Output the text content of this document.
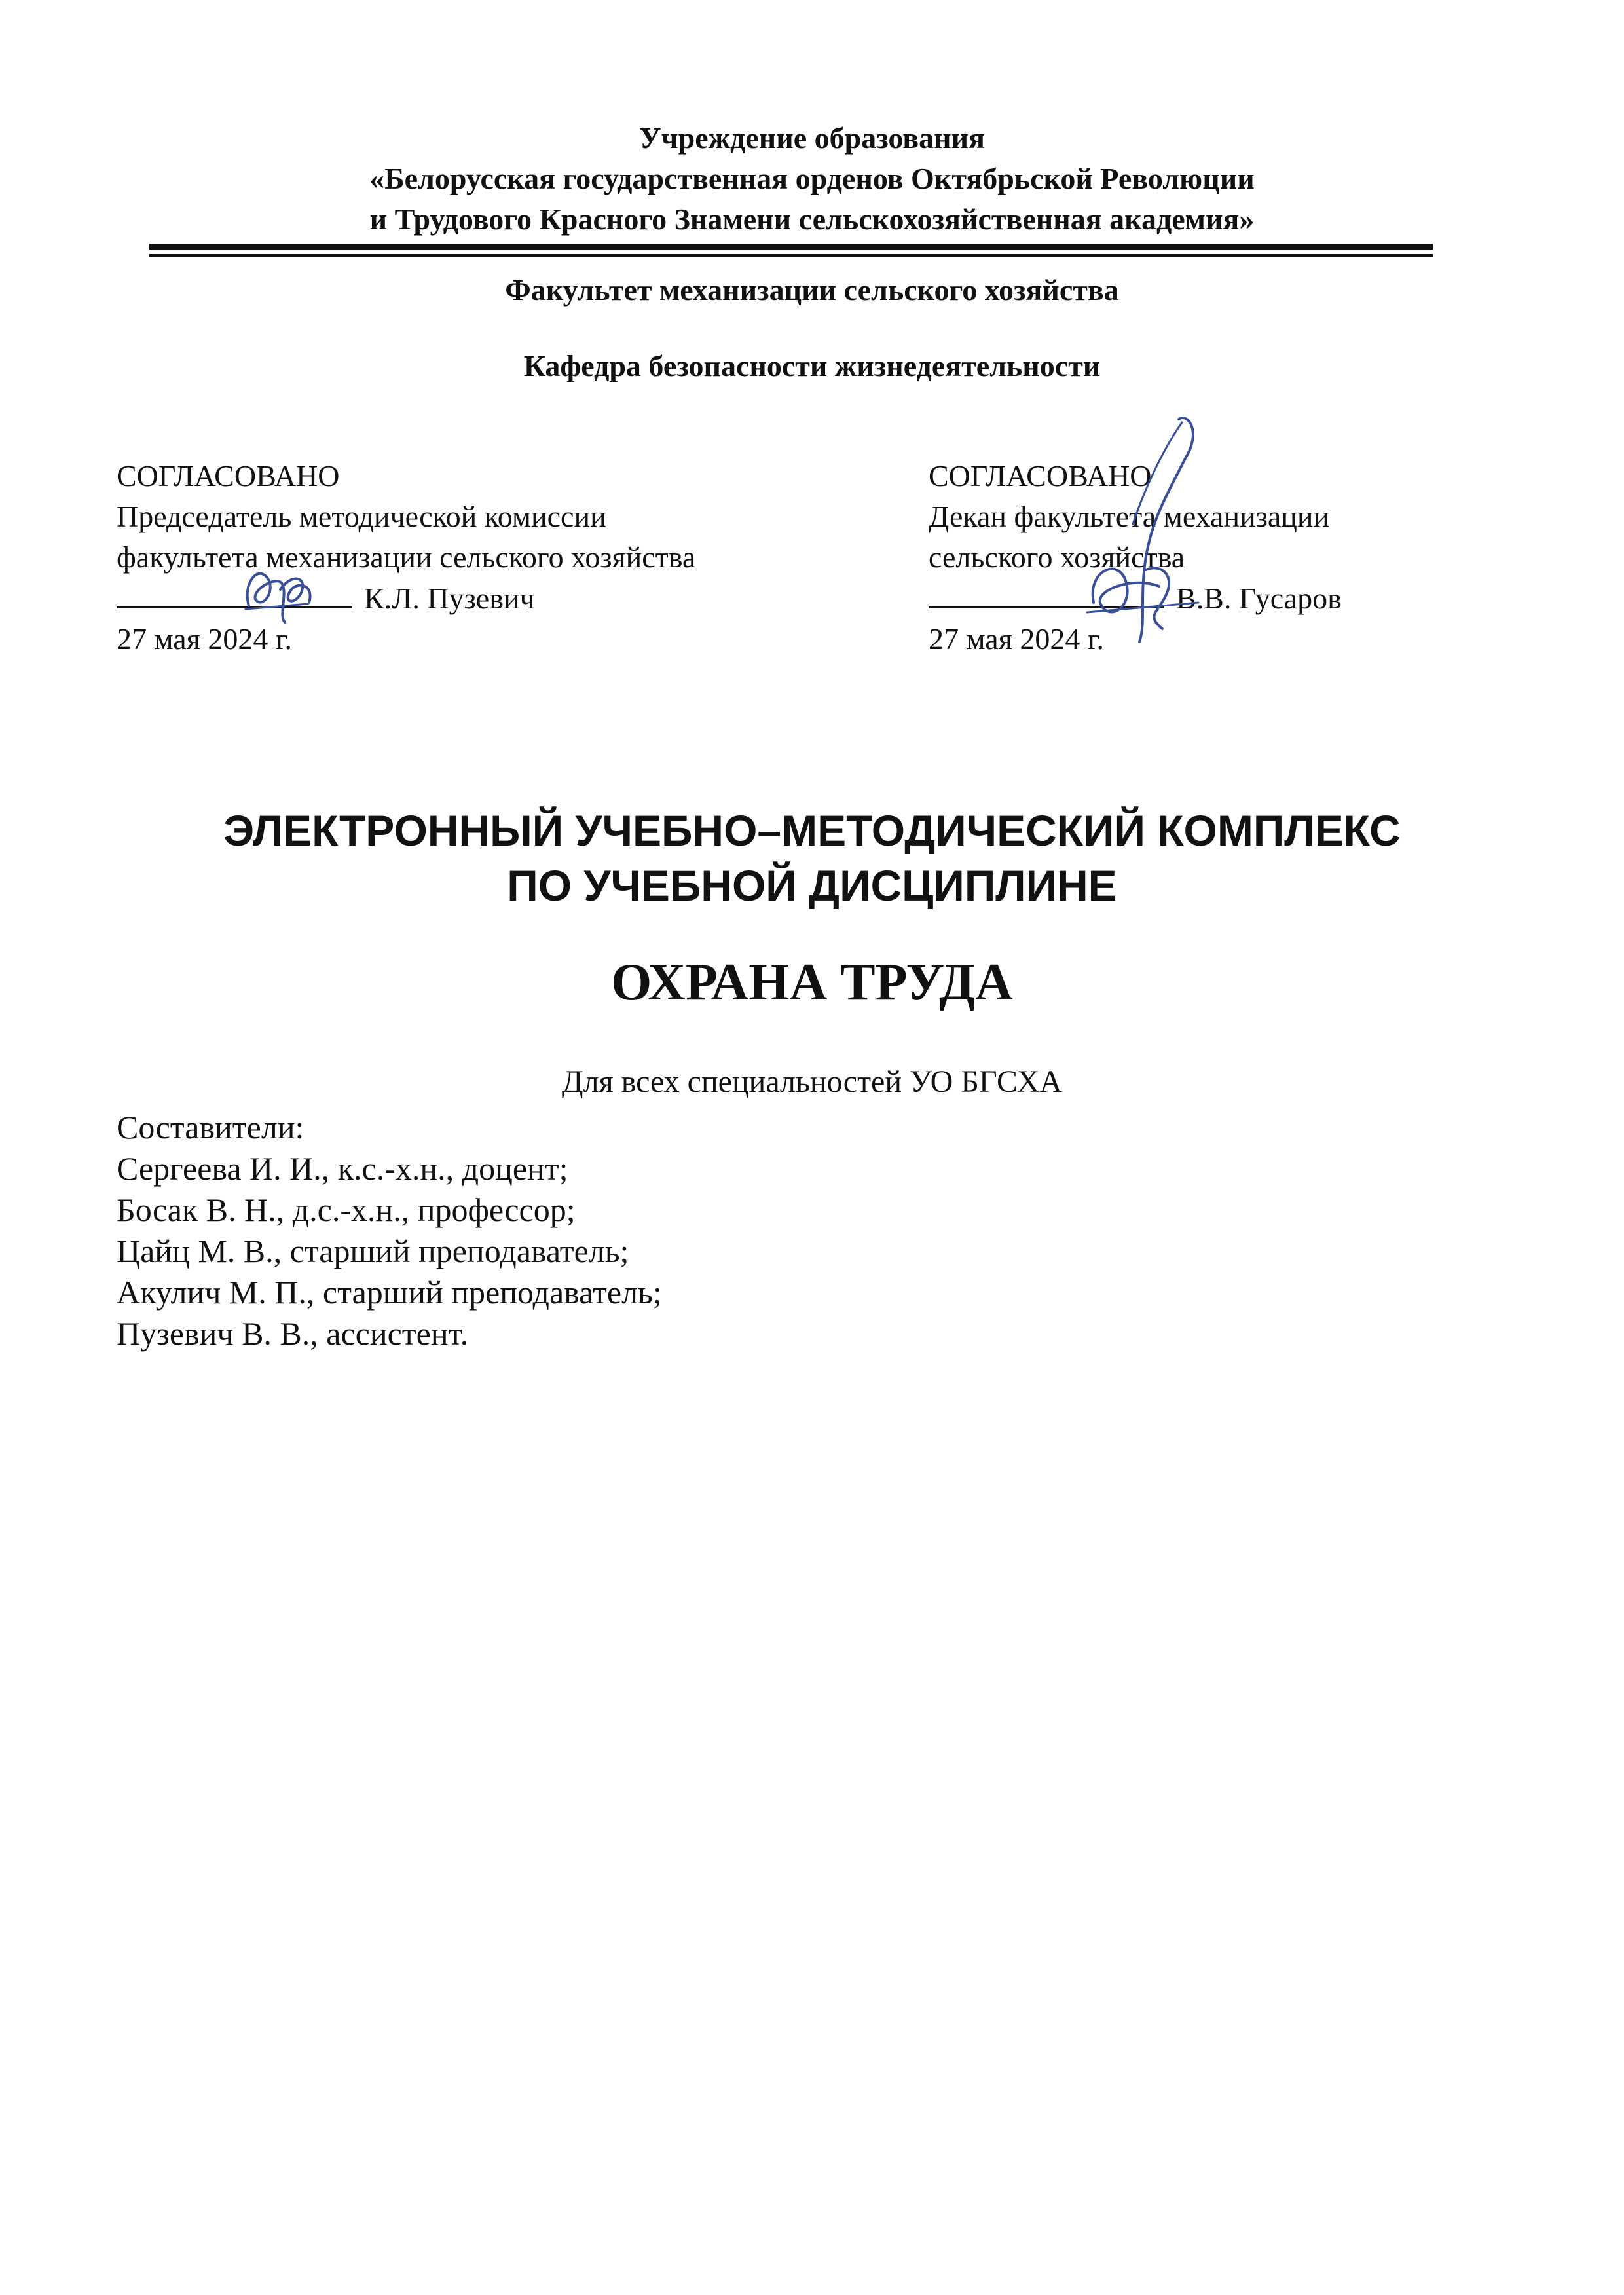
Учреждение образования
«Белорусская государственная орденов Октябрьской Революции
и Трудового Красного Знамени сельскохозяйственная академия»
Факультет механизации сельского хозяйства
Кафедра безопасности жизнедеятельности
СОГЛАСОВАНО
Председатель методической комиссии
факультета механизации сельского хозяйства
К.Л. Пузевич
27 мая 2024 г.
СОГЛАСОВАНО
Декан факультета механизации
сельского хозяйства
В.В. Гусаров
27 мая 2024 г.
ЭЛЕКТРОННЫЙ УЧЕБНО–МЕТОДИЧЕСКИЙ КОМПЛЕКС
ПО УЧЕБНОЙ ДИСЦИПЛИНЕ
ОХРАНА ТРУДА
Для всех специальностей УО БГСХА
Составители:
Сергеева И. И., к.с.-х.н., доцент;
Босак В. Н., д.с.-х.н., профессор;
Цайц М. В., старший преподаватель;
Акулич М. П., старший преподаватель;
Пузевич В. В., ассистент.
